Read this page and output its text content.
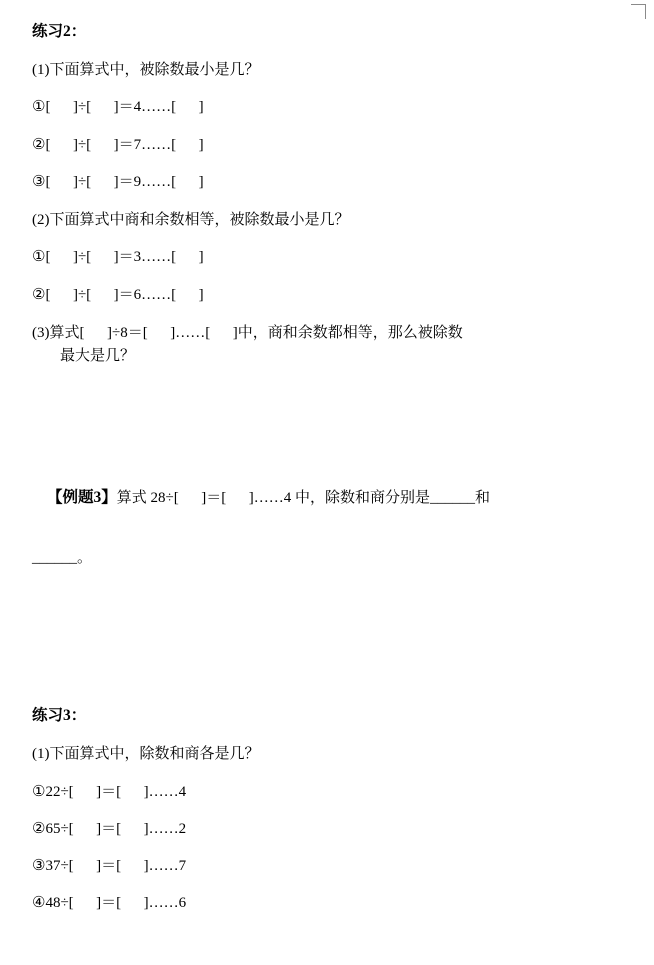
练习2：
(1)下面算式中，被除数最小是几？
①[      ]÷[      ]＝4……[      ]
②[      ]÷[      ]＝7……[      ]
③[      ]÷[      ]＝9……[      ]
(2)下面算式中商和余数相等，被除数最小是几？
①[      ]÷[      ]＝3……[      ]
②[      ]÷[      ]＝6……[      ]
(3)算式[      ]÷8＝[      ]……[      ]中，商和余数都相等，那么被除数
最大是几？

【例题3】算式 28÷[      ]＝[      ]……4 中，除数和商分别是______和

______。
练习3：
(1)下面算式中，除数和商各是几？
①22÷[      ]＝[      ]……4
②65÷[      ]＝[      ]……2
③37÷[      ]＝[      ]……7
④48÷[      ]＝[      ]……6
